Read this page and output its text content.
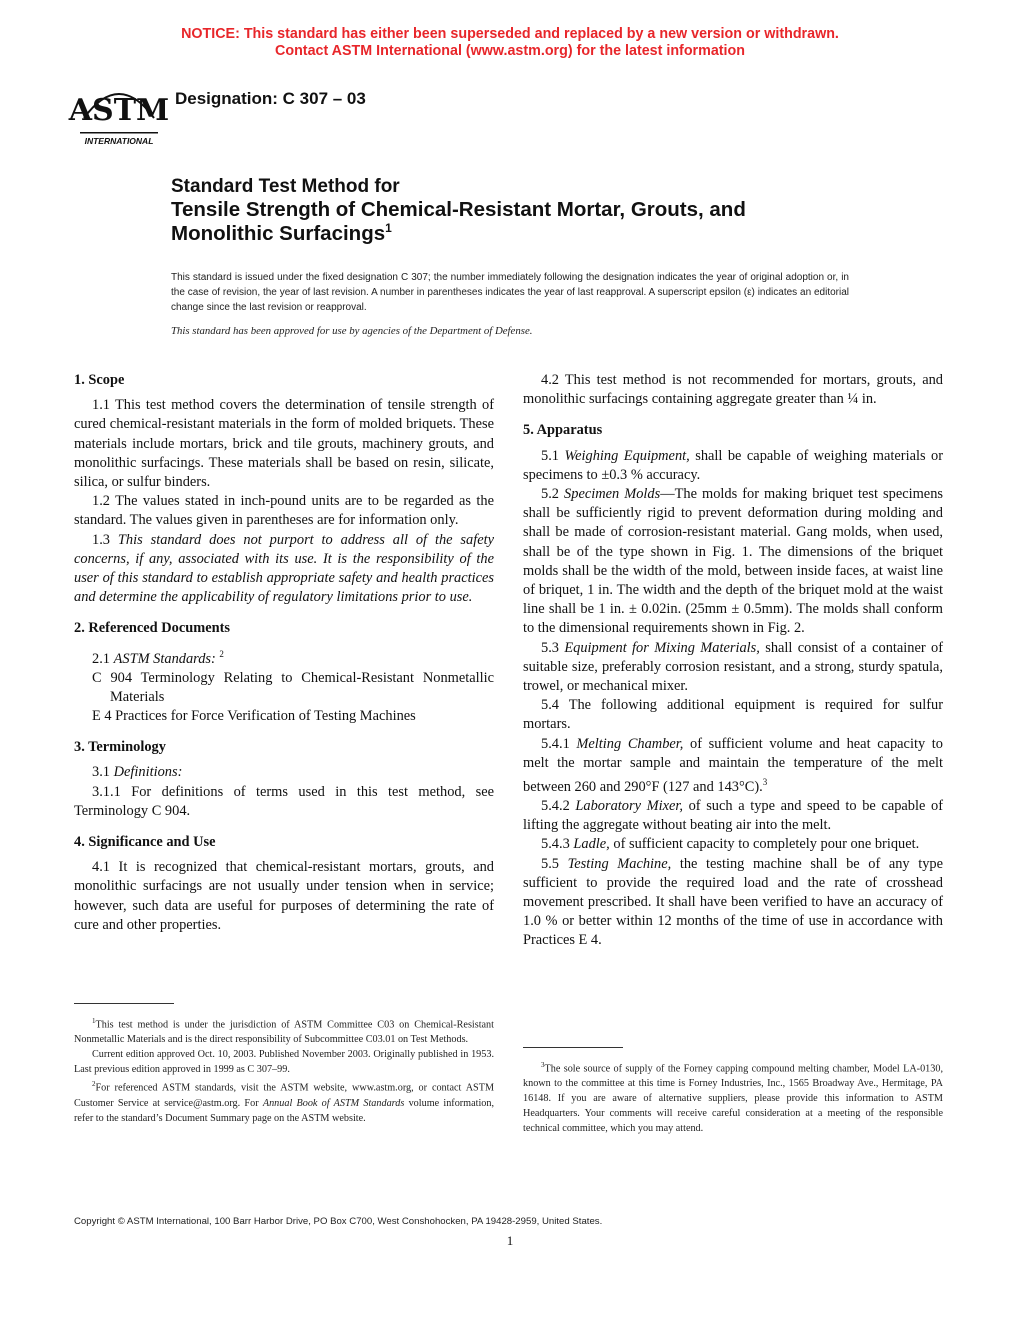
NOTICE: This standard has either been superseded and replaced by a new version or withdrawn.
Contact ASTM International (www.astm.org) for the latest information
ASTM
INTERNATIONAL
Designation: C 307 – 03
Standard Test Method for
Tensile Strength of Chemical-Resistant Mortar, Grouts, and
Monolithic Surfacings$^1$
This standard is issued under the fixed designation C 307; the number immediately following the designation indicates the year of original adoption or, in the case of revision, the year of last revision. A number in parentheses indicates the year of last reapproval. A superscript epsilon (ε) indicates an editorial change since the last revision or reapproval.
This standard has been approved for use by agencies of the Department of Defense.
1. Scope

1.1 This test method covers the determination of tensile strength of cured chemical-resistant materials in the form of molded briquets. These materials include mortars, brick and tile grouts, machinery grouts, and monolithic surfacings. These materials shall be based on resin, silicate, silica, or sulfur binders.

1.2 The values stated in inch-pound units are to be regarded as the standard. The values given in parentheses are for information only.

1.3 This standard does not purport to address all of the safety concerns, if any, associated with its use. It is the responsibility of the user of this standard to establish appropriate safety and health practices and determine the applicability of regulatory limitations prior to use.

2. Referenced Documents

2.1 ASTM Standards: $^2$

C 904 Terminology Relating to Chemical-Resistant Nonmetallic Materials

E 4 Practices for Force Verification of Testing Machines

3. Terminology

3.1 Definitions:

3.1.1 For definitions of terms used in this test method, see Terminology C 904.

4. Significance and Use

4.1 It is recognized that chemical-resistant mortars, grouts, and monolithic surfacings are not usually under tension when in service; however, such data are useful for purposes of determining the rate of cure and other properties.

$^1$This test method is under the jurisdiction of ASTM Committee C03 on Chemical-Resistant Nonmetallic Materials and is the direct responsibility of Subcommittee C03.01 on Test Methods.

Current edition approved Oct. 10, 2003. Published November 2003. Originally published in 1953. Last previous edition approved in 1999 as C 307–99.

$^2$For referenced ASTM standards, visit the ASTM website, www.astm.org, or contact ASTM Customer Service at service@astm.org. For Annual Book of ASTM Standards volume information, refer to the standard’s Document Summary page on the ASTM website.

4.2 This test method is not recommended for mortars, grouts, and monolithic surfacings containing aggregate greater than ¼ in.

5. Apparatus

5.1 Weighing Equipment, shall be capable of weighing materials or specimens to ±0.3 % accuracy.

5.2 Specimen Molds—The molds for making briquet test specimens shall be sufficiently rigid to prevent deformation during molding and shall be made of corrosion-resistant material. Gang molds, when used, shall be of the type shown in Fig. 1. The dimensions of the briquet molds shall be the width of the mold, between inside faces, at waist line of briquet, 1 in. The width and the depth of the briquet mold at the waist line shall be 1 in. ± 0.02in. (25mm ± 0.5mm). The molds shall conform to the dimensional requirements shown in Fig. 2.

5.3 Equipment for Mixing Materials, shall consist of a container of suitable size, preferably corrosion resistant, and a strong, sturdy spatula, trowel, or mechanical mixer.

5.4 The following additional equipment is required for sulfur mortars.

5.4.1 Melting Chamber, of sufficient volume and heat capacity to melt the mortar sample and maintain the temperature of the melt between 260 and 290°F (127 and 143°C).$^3$

5.4.2 Laboratory Mixer, of such a type and speed to be capable of lifting the aggregate without beating air into the melt.

5.4.3 Ladle, of sufficient capacity to completely pour one briquet.

5.5 Testing Machine, the testing machine shall be of any type sufficient to provide the required load and the rate of crosshead movement prescribed. It shall have been verified to have an accuracy of 1.0 % or better within 12 months of the time of use in accordance with Practices E 4.

$^3$The sole source of supply of the Forney capping compound melting chamber, Model LA-0130, known to the committee at this time is Forney Industries, Inc., 1565 Broadway Ave., Hermitage, PA 16148. If you are aware of alternative suppliers, please provide this information to ASTM Headquarters. Your comments will receive careful consideration at a meeting of the responsible technical committee, which you may attend.

Copyright © ASTM International, 100 Barr Harbor Drive, PO Box C700, West Conshohocken, PA 19428-2959, United States.
1
